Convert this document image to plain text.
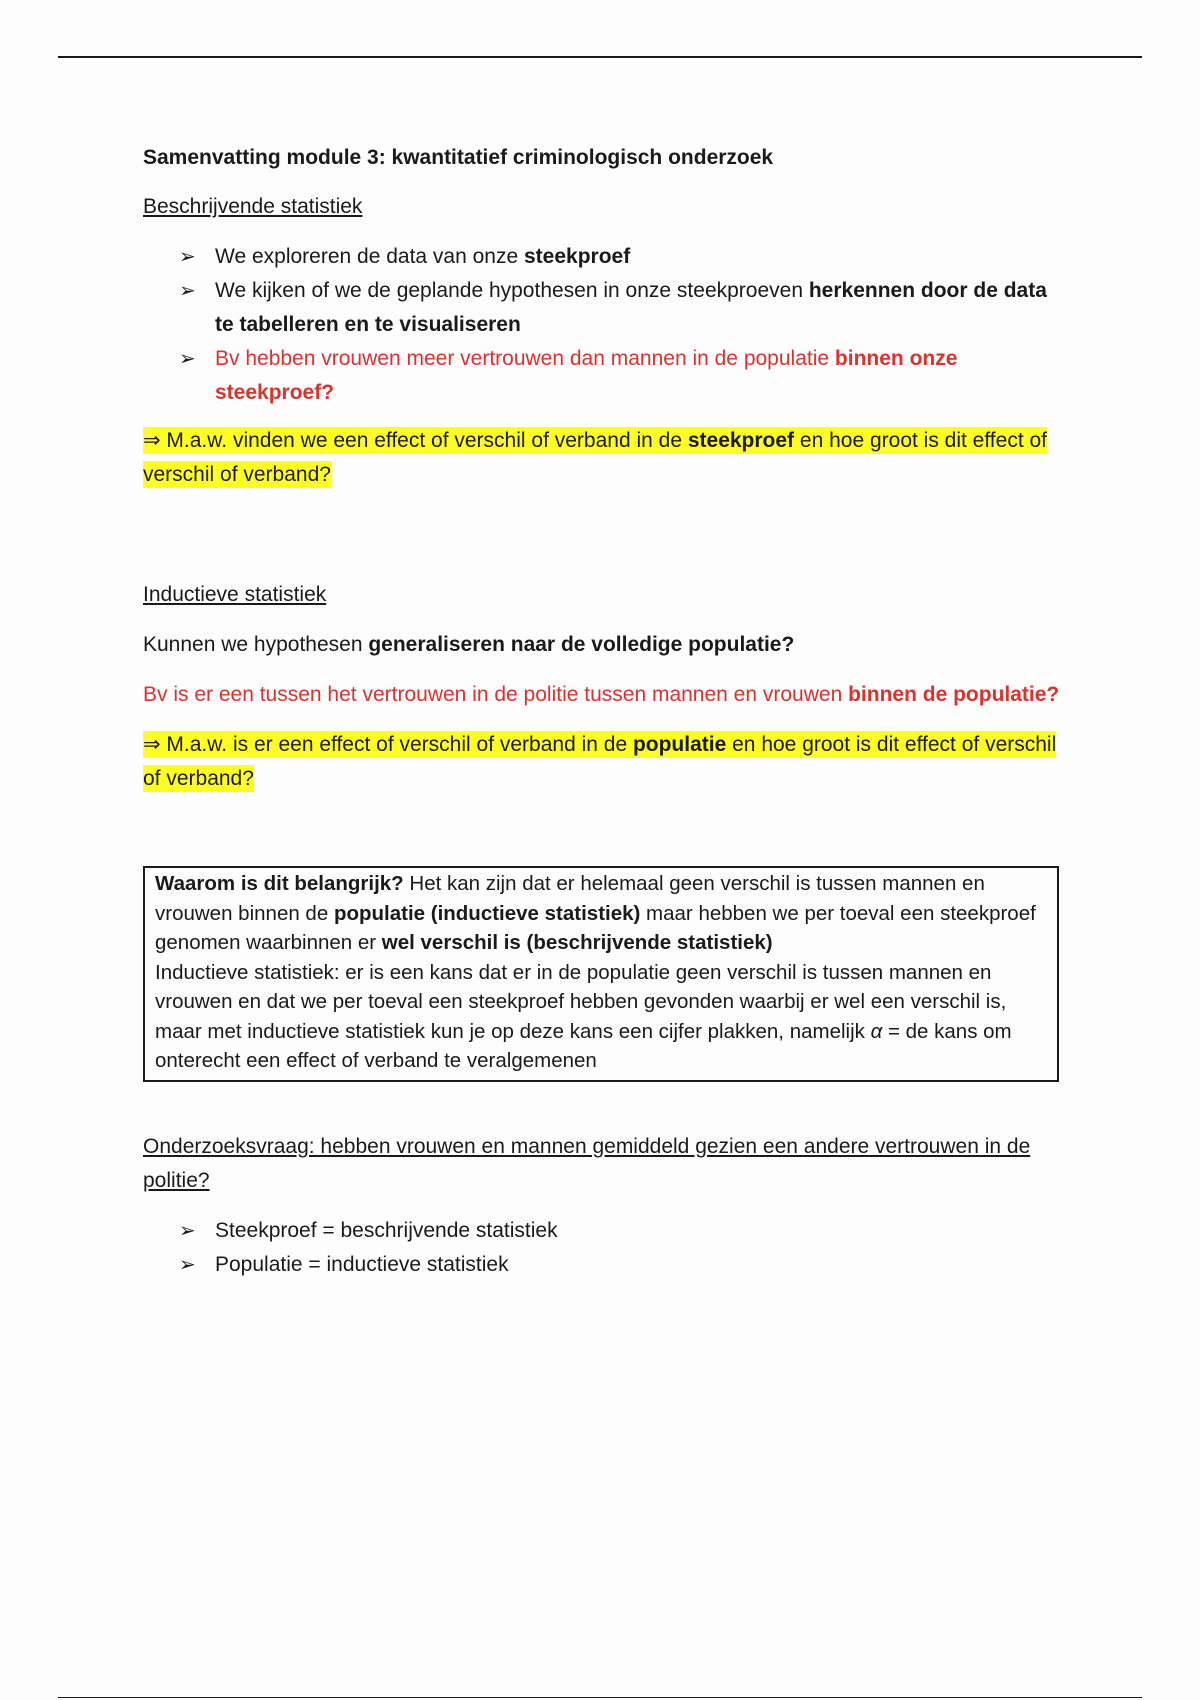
Samenvatting module 3: kwantitatief criminologisch onderzoek
Beschrijvende statistiek
➢ We exploreren de data van onze steekproef
➢ We kijken of we de geplande hypothesen in onze steekproeven herkennen door de data te tabelleren en te visualiseren
➢ Bv hebben vrouwen meer vertrouwen dan mannen in de populatie binnen onze steekproef?
⇒ M.a.w. vinden we een effect of verschil of verband in de steekproef en hoe groot is dit effect of verschil of verband?
Inductieve statistiek
Kunnen we hypothesen generaliseren naar de volledige populatie?
Bv is er een tussen het vertrouwen in de politie tussen mannen en vrouwen binnen de populatie?
⇒ M.a.w. is er een effect of verschil of verband in de populatie en hoe groot is dit effect of verschil of verband?
Waarom is dit belangrijk? Het kan zijn dat er helemaal geen verschil is tussen mannen en vrouwen binnen de populatie (inductieve statistiek) maar hebben we per toeval een steekproef genomen waarbinnen er wel verschil is (beschrijvende statistiek)
Inductieve statistiek: er is een kans dat er in de populatie geen verschil is tussen mannen en vrouwen en dat we per toeval een steekproef hebben gevonden waarbij er wel een verschil is, maar met inductieve statistiek kun je op deze kans een cijfer plakken, namelijk α = de kans om onterecht een effect of verband te veralgemenen
Onderzoeksvraag: hebben vrouwen en mannen gemiddeld gezien een andere vertrouwen in de politie?
➢ Steekproef = beschrijvende statistiek
➢ Populatie = inductieve statistiek
